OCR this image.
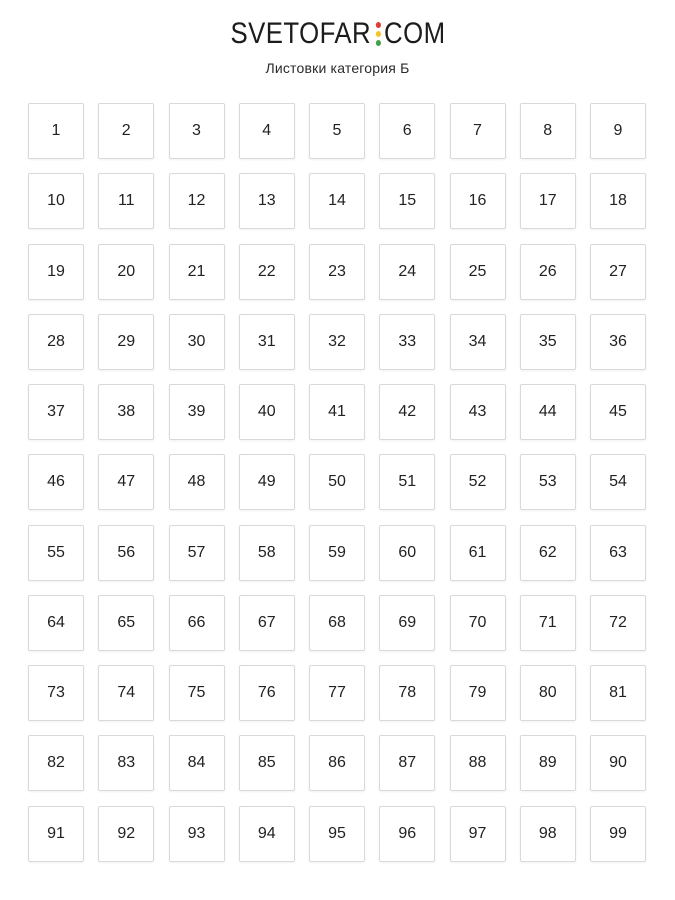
SVETOFAR COM
Листовки категория Б
1	2	3	4	5	6	7	8	9
10	11	12	13	14	15	16	17	18
19	20	21	22	23	24	25	26	27
28	29	30	31	32	33	34	35	36
37	38	39	40	41	42	43	44	45
46	47	48	49	50	51	52	53	54
55	56	57	58	59	60	61	62	63
64	65	66	67	68	69	70	71	72
73	74	75	76	77	78	79	80	81
82	83	84	85	86	87	88	89	90
91	92	93	94	95	96	97	98	99
